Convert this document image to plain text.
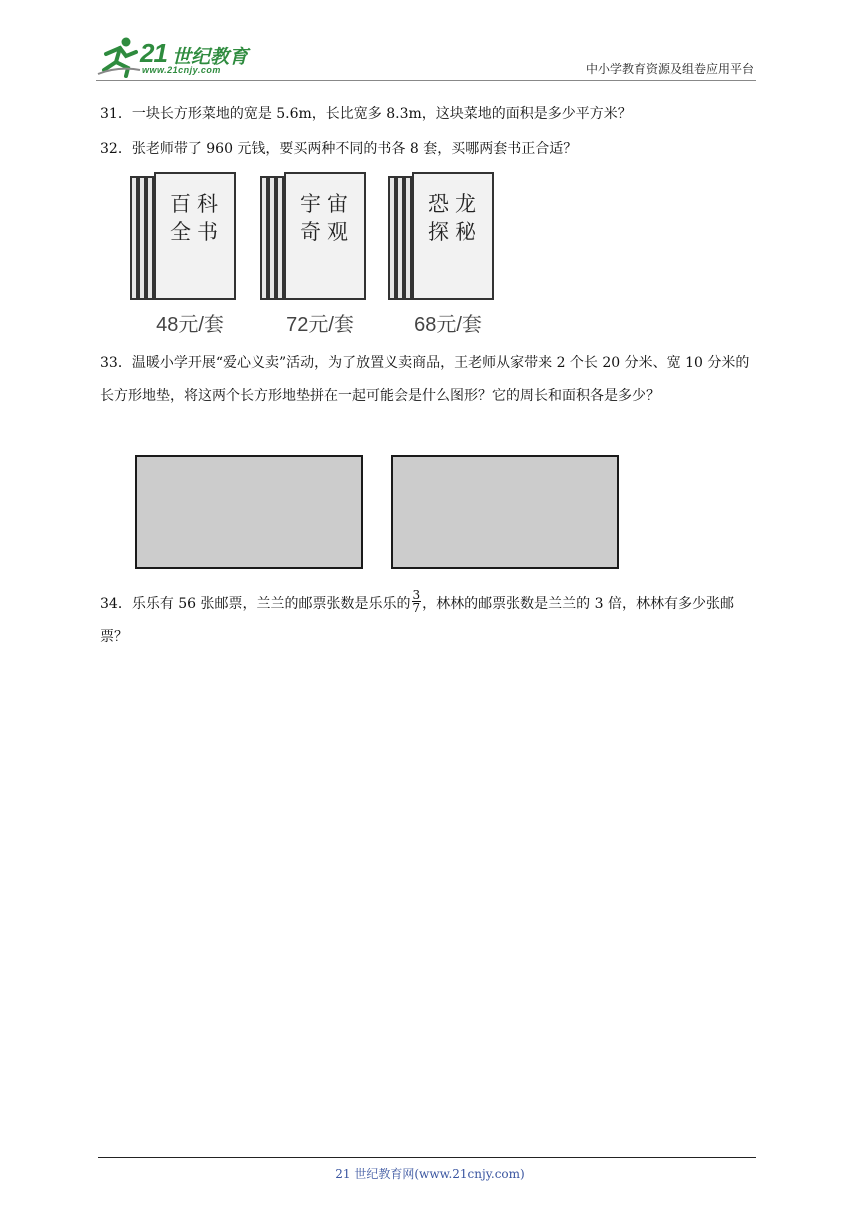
21 世纪教育
www.21cnjy.com	中小学教育资源及组卷应用平台
31．一块长方形菜地的宽是 5.6m，长比宽多 8.3m，这块菜地的面积是多少平方米？
32．张老师带了 960 元钱，要买两种不同的书各 8 套，买哪两套书正合适？
百科
全书
48元/套
宇宙
奇观
72元/套
恐龙
探秘
68元/套
33．温暖小学开展“爱心义卖”活动，为了放置义卖商品，王老师从家带来 2 个长 20 分米、宽 10 分米的长方形地垫，将这两个长方形地垫拼在一起可能会是什么图形？它的周长和面积各是多少？
34．乐乐有 56 张邮票，兰兰的邮票张数是乐乐的 $\frac{3}{7}$ ，林林的邮票张数是兰兰的 3 倍，林林有多少张邮票？
21 世纪教育网(www.21cnjy.com)
